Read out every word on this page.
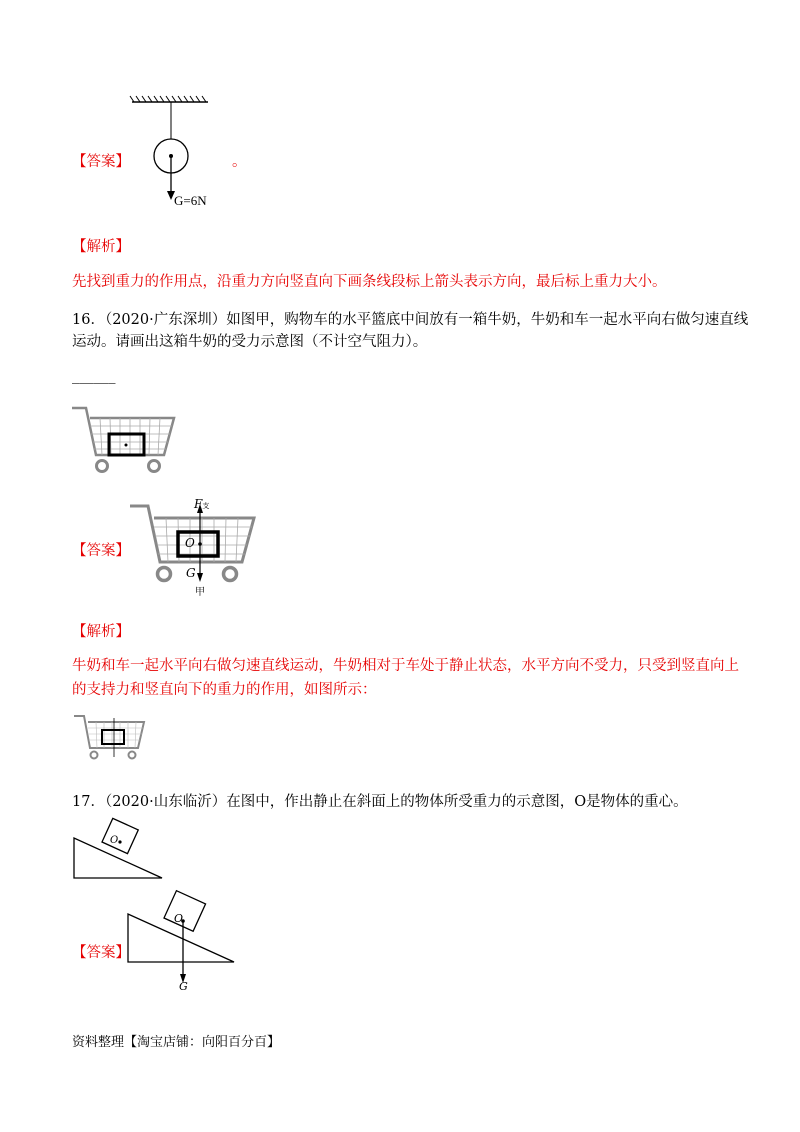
G=6N
【答案】	。
【解析】
先找到重力的作用点，沿重力方向竖直向下画条线段标上箭头表示方向，最后标上重力大小。
16．（2020·广东深圳）如图甲，购物车的水平篮底中间放有一箱牛奶，牛奶和车一起水平向右做匀速直线
运动。请画出这箱牛奶的受力示意图（不计空气阻力）。
______
【答案】
F支
O
G
甲
【解析】
牛奶和车一起水平向右做匀速直线运动，牛奶相对于车处于静止状态，水平方向不受力，只受到竖直向上
的支持力和竖直向下的重力的作用，如图所示：
17．（2020·山东临沂）在图中，作出静止在斜面上的物体所受重力的示意图，O是物体的重心。
O
【答案】
O
G
资料整理【淘宝店铺：向阳百分百】
